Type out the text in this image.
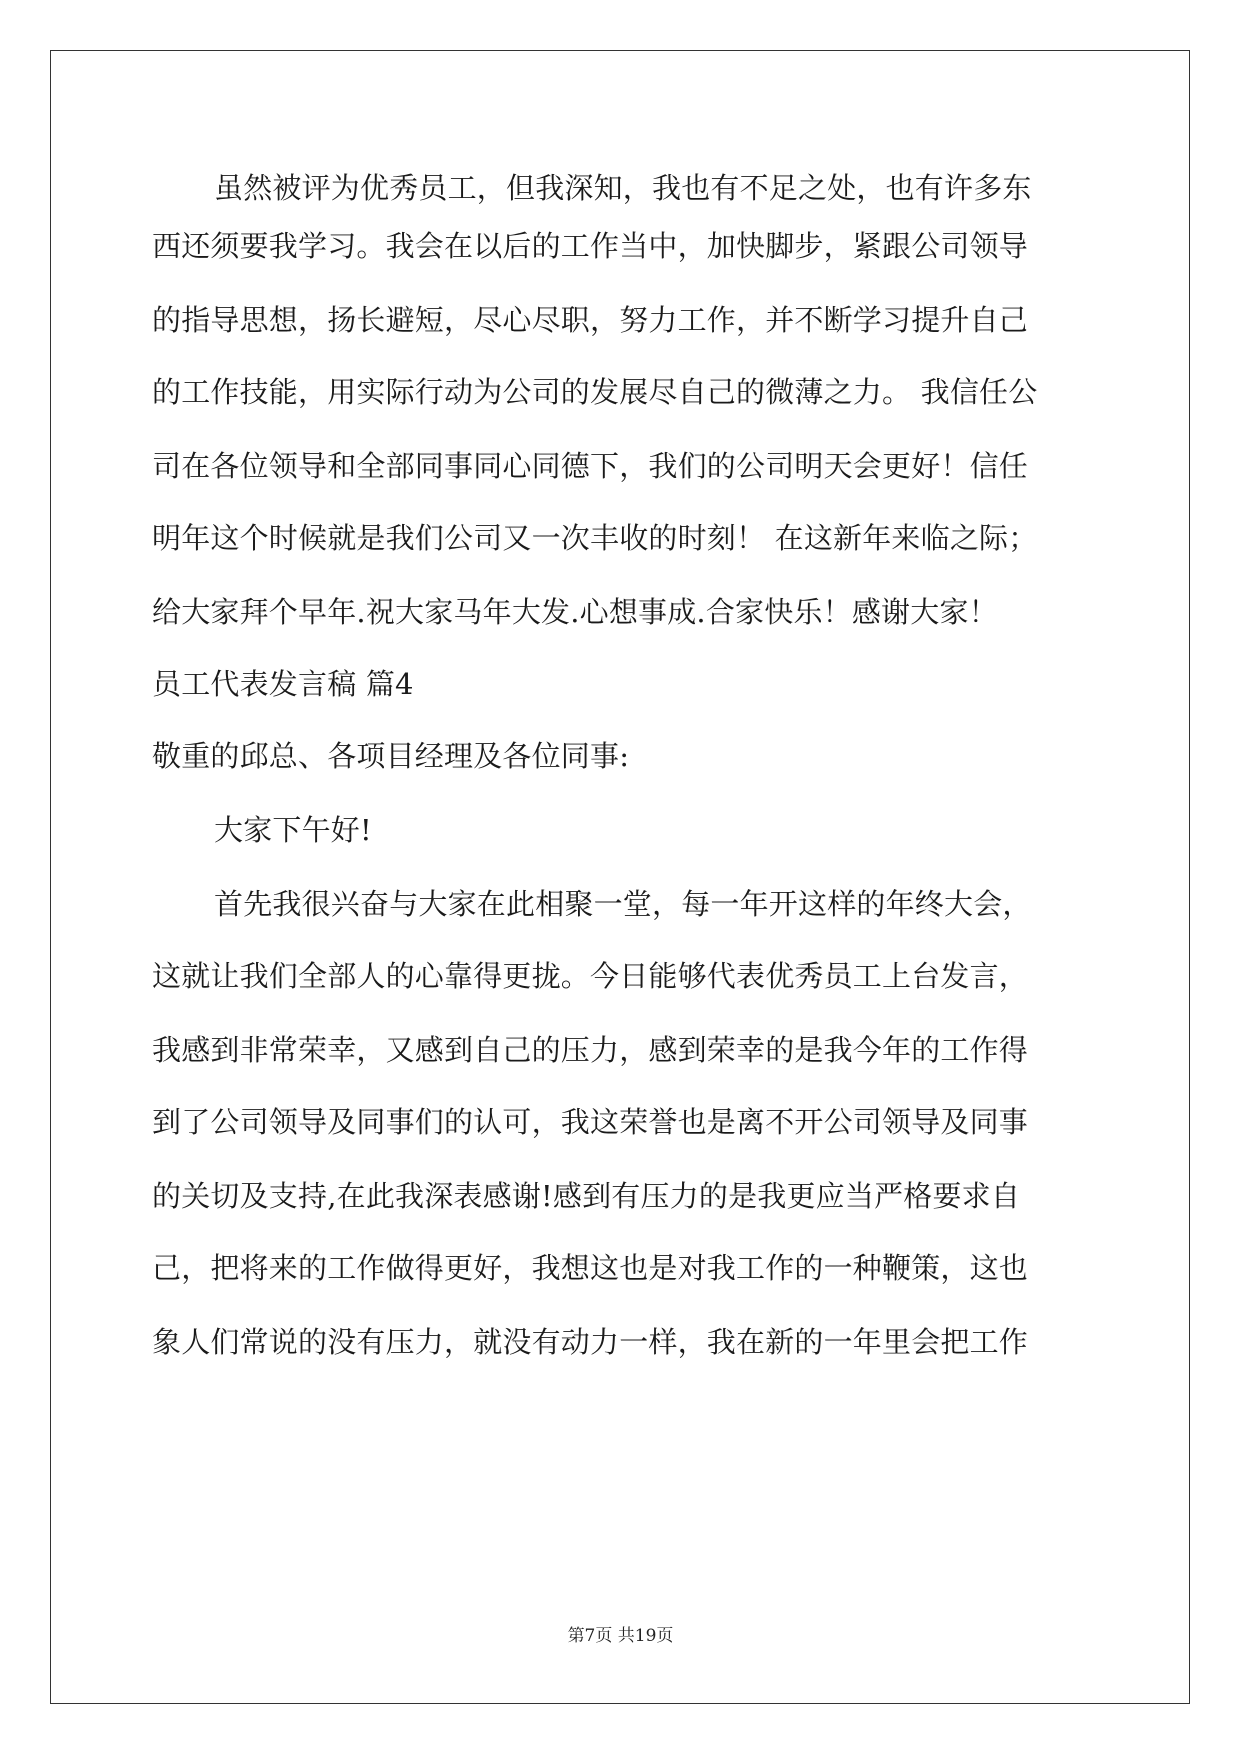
虽然被评为优秀员工，但我深知，我也有不足之处，也有许多东
西还须要我学习。我会在以后的工作当中，加快脚步，紧跟公司领导
的指导思想，扬长避短，尽心尽职，努力工作，并不断学习提升自己
的工作技能，用实际行动为公司的发展尽自己的微薄之力。 我信任公
司在各位领导和全部同事同心同德下，我们的公司明天会更好！信任
明年这个时候就是我们公司又一次丰收的时刻！ 在这新年来临之际；
给大家拜个早年.祝大家马年大发.心想事成.合家快乐！感谢大家！
员工代表发言稿 篇4
敬重的邱总、各项目经理及各位同事:
大家下午好!
首先我很兴奋与大家在此相聚一堂，每一年开这样的年终大会，
这就让我们全部人的心靠得更拢。今日能够代表优秀员工上台发言，
我感到非常荣幸，又感到自己的压力，感到荣幸的是我今年的工作得
到了公司领导及同事们的认可，我这荣誉也是离不开公司领导及同事
的关切及支持,在此我深表感谢!感到有压力的是我更应当严格要求自
己，把将来的工作做得更好，我想这也是对我工作的一种鞭策，这也
象人们常说的没有压力，就没有动力一样，我在新的一年里会把工作
第7页 共19页
